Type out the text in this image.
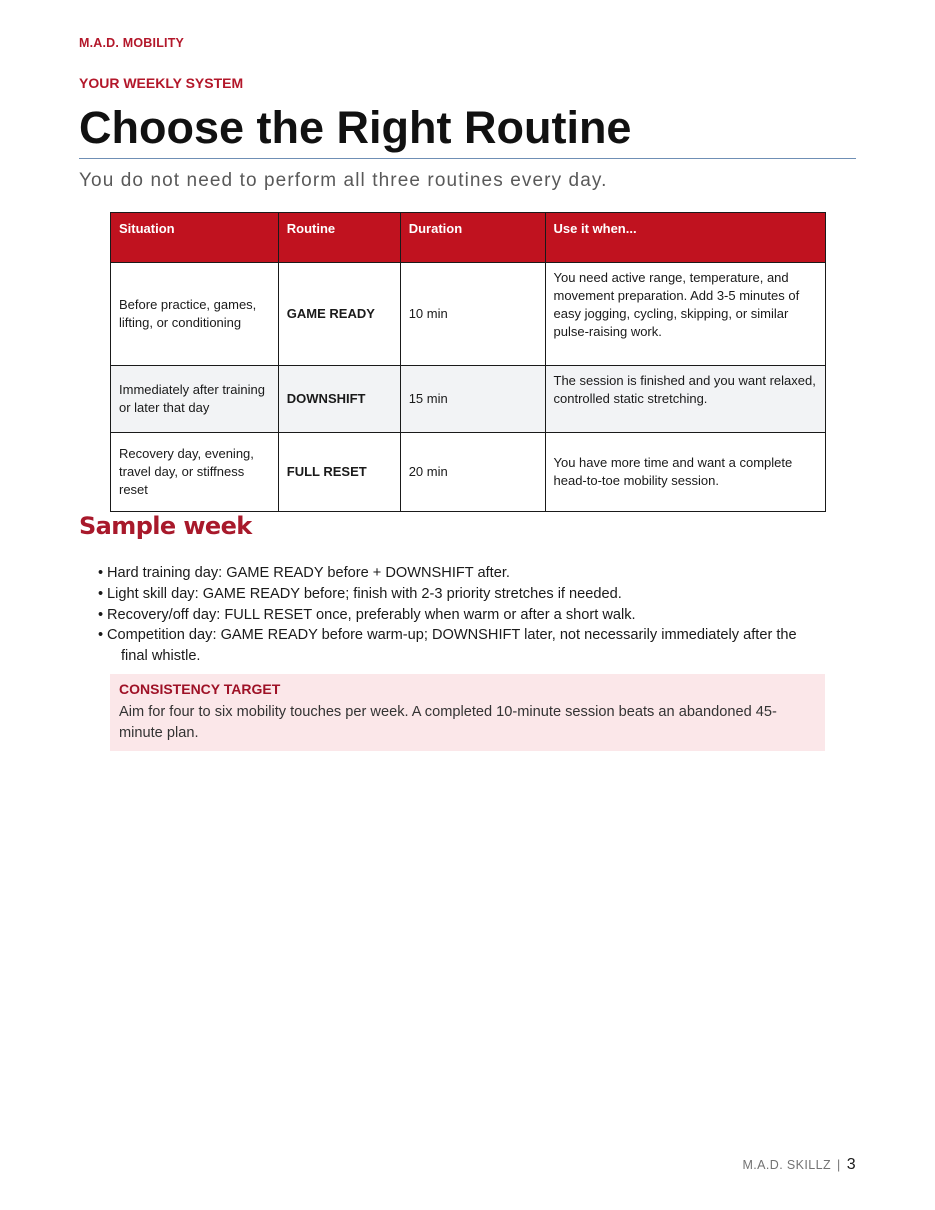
M.A.D. MOBILITY
YOUR WEEKLY SYSTEM
Choose the Right Routine
You do not need to perform all three routines every day.
Situation	Routine	Duration	Use it when...
Before practice, games, lifting, or conditioning	GAME READY	10 min	You need active range, temperature, and movement preparation. Add 3-5 minutes of easy jogging, cycling, skipping, or similar pulse-raising work.
Immediately after training or later that day	DOWNSHIFT	15 min	The session is finished and you want relaxed, controlled static stretching.
Recovery day, evening, travel day, or stiffness reset	FULL RESET	20 min	You have more time and want a complete head-to-toe mobility session.
Sample week
• Hard training day: GAME READY before + DOWNSHIFT after.
• Light skill day: GAME READY before; finish with 2-3 priority stretches if needed.
• Recovery/off day: FULL RESET once, preferably when warm or after a short walk.
• Competition day: GAME READY before warm-up; DOWNSHIFT later, not necessarily immediately after the
final whistle.
CONSISTENCY TARGET
Aim for four to six mobility touches per week. A completed 10-minute session beats an abandoned 45-minute plan.
M.A.D. SKILLZ | 3
